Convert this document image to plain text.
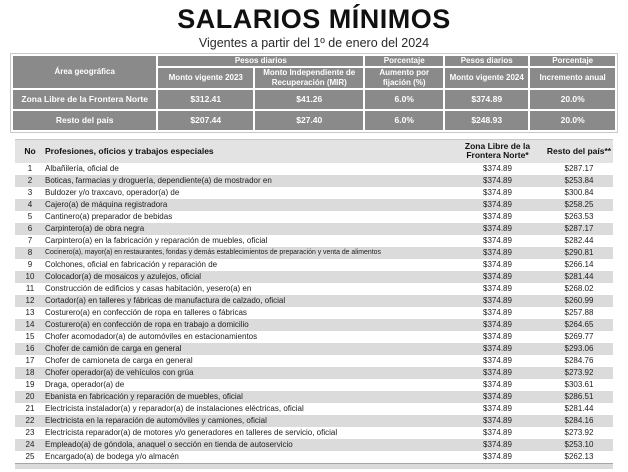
SALARIOS MÍNIMOS
Vigentes a partir del 1º de enero del 2024
Área geográfica	Pesos diarios		Porcentaje	Pesos diarios	Porcentaje
	Monto vigente 2023	Monto Independiente de Recuperación (MIR)	Aumento por fijación (%)	Monto vigente 2024	Incremento anual
Zona Libre de la Frontera Norte	$312.41	$41.26	6.0%	$374.89	20.0%
Resto del país	$207.44	$27.40	6.0%	$248.93	20.0%
No	Profesiones, oficios y trabajos especiales	Zona Libre de la Frontera Norte*	Resto del país**
1	Albañilería, oficial de	$374.89	$287.17
2	Boticas, farmacias y droguería, dependiente(a) de mostrador en	$374.89	$253.84
3	Buldozer y/o traxcavo, operador(a) de	$374.89	$300.84
4	Cajero(a) de máquina registradora	$374.89	$258.25
5	Cantinero(a) preparador de bebidas	$374.89	$263.53
6	Carpintero(a) de obra negra	$374.89	$287.17
7	Carpintero(a) en la fabricación y reparación de muebles, oficial	$374.89	$282.44
8	Cocinero(a), mayor(a) en restaurantes, fondas y demás establecimientos de preparación y venta de alimentos	$374.89	$290.81
9	Colchones, oficial en fabricación y reparación de	$374.89	$266.14
10	Colocador(a) de mosaicos y azulejos, oficial	$374.89	$281.44
11	Construcción de edificios y casas habitación, yesero(a) en	$374.89	$268.02
12	Cortador(a) en talleres y fábricas de manufactura de calzado, oficial	$374.89	$260.99
13	Costurero(a) en confección de ropa en talleres o fábricas	$374.89	$257.88
14	Costurero(a) en confección de ropa en trabajo a domicilio	$374.89	$264.65
15	Chofer acomodador(a) de automóviles en estacionamientos	$374.89	$269.77
16	Chofer de camión de carga en general	$374.89	$293.06
17	Chofer de camioneta de carga en general	$374.89	$284.76
18	Chofer operador(a) de vehículos con grúa	$374.89	$273.92
19	Draga, operador(a) de	$374.89	$303.61
20	Ebanista en fabricación y reparación de muebles, oficial	$374.89	$286.51
21	Electricista instalador(a) y reparador(a) de instalaciones eléctricas, oficial	$374.89	$281.44
22	Electricista en la reparación de automóviles y camiones, oficial	$374.89	$284.16
23	Electricista reparador(a) de motores y/o generadores en talleres de servicio, oficial	$374.89	$273.92
24	Empleado(a) de góndola, anaquel o sección en tienda de autoservicio	$374.89	$253.10
25	Encargado(a) de bodega y/o almacén	$374.89	$262.13
